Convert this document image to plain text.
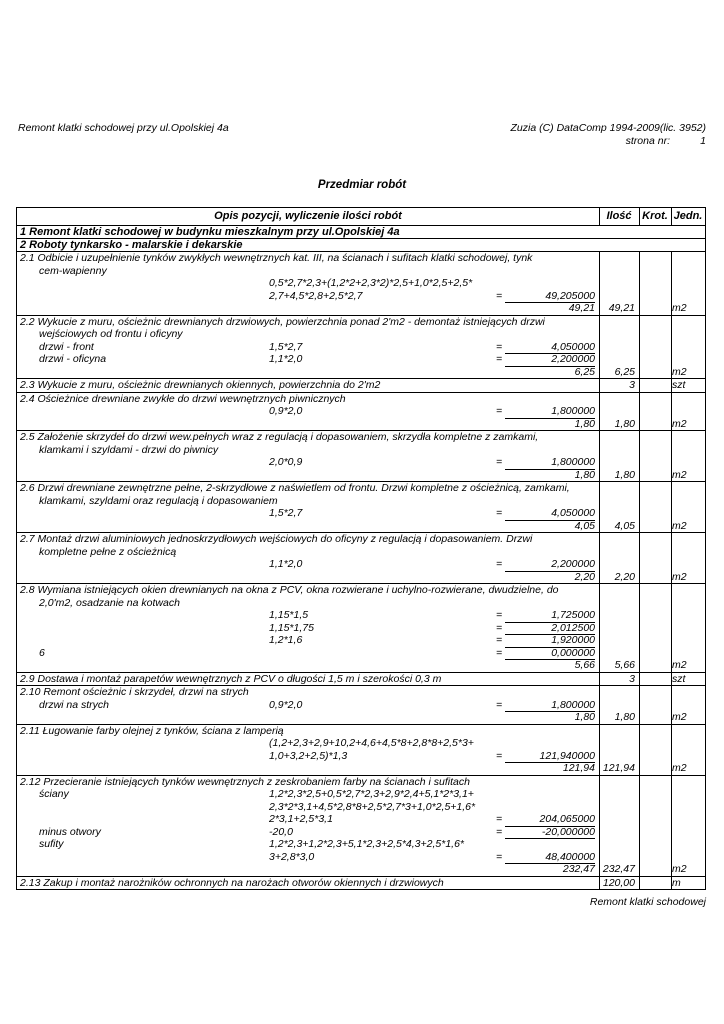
Remont klatki schodowej przy ul.Opolskiej 4a	Zuzia (C) DataComp 1994-2009(lic. 3952)
strona nr:	1
Przedmiar robót
Opis pozycji, wyliczenie ilości robót	Ilość Krot. Jedn.
1 Remont klatki schodowej w budynku mieszkalnym przy ul.Opolskiej 4a
2 Roboty tynkarsko - malarskie i dekarskie
2.1 Odbicie i uzupełnienie tynków zwykłych wewnętrznych kat. III, na ścianach i sufitach klatki schodowej, tynk
cem-wapienny
0,5*2,7*2,3+(1,2*2+2,3*2)*2,5+1,0*2,5+2,5*
2,7+4,5*2,8+2,5*2,7	=	49,205000
49,21	49,21	m2
2.2 Wykucie z muru, ościeżnic drewnianych drzwiowych, powierzchnia ponad 2'm2 - demontaż istniejących drzwi
wejściowych od frontu i oficyny
drzwi - front	1,5*2,7	=	4,050000
drzwi - oficyna	1,1*2,0	=	2,200000
6,25	6,25	m2
2.3 Wykucie z muru, ościeżnic drewnianych okiennych, powierzchnia do 2'm2	3	szt
2.4 Ościeżnice drewniane zwykłe do drzwi wewnętrznych piwnicznych
0,9*2,0	=	1,800000
1,80	1,80	m2
2.5 Założenie skrzydeł do drzwi wew.pełnych wraz z regulacją i dopasowaniem, skrzydła kompletne z zamkami,
klamkami i szyldami - drzwi do piwnicy
2,0*0,9	=	1,800000
1,80	1,80	m2
2.6 Drzwi drewniane zewnętrzne pełne, 2-skrzydłowe z naświetlem od frontu. Drzwi kompletne z ościeżnicą, zamkami,
klamkami, szyldami oraz regulacją i dopasowaniem
1,5*2,7	=	4,050000
4,05	4,05	m2
2.7 Montaż drzwi aluminiowych jednoskrzydłowych wejściowych do oficyny z regulacją i dopasowaniem. Drzwi
kompletne pełne z ościeżnicą
1,1*2,0	=	2,200000
2,20	2,20	m2
2.8 Wymiana istniejących okien drewnianych na okna z PCV, okna rozwierane i uchylno-rozwierane, dwudzielne, do
2,0'm2, osadzanie na kotwach
1,15*1,5	=	1,725000
1,15*1,75	=	2,012500
1,2*1,6	=	1,920000
6	=	0,000000
5,66	5,66	m2
2.9 Dostawa i montaż parapetów wewnętrznych z PCV o długości 1,5 m i szerokości 0,3 m	3	szt
2.10 Remont ościeżnic i skrzydeł, drzwi na strych
drzwi na strych	0,9*2,0	=	1,800000
1,80	1,80	m2
2.11 Ługowanie farby olejnej z tynków, ściana z lamperią
(1,2+2,3+2,9+10,2+4,6+4,5*8+2,8*8+2,5*3+
1,0+3,2+2,5)*1,3	=	121,940000
121,94 121,94	m2
2.12 Przecieranie istniejących tynków wewnętrznych z zeskrobaniem farby na ścianach i sufitach
ściany	1,2*2,3*2,5+0,5*2,7*2,3+2,9*2,4+5,1*2*3,1+
2,3*2*3,1+4,5*2,8*8+2,5*2,7*3+1,0*2,5+1,6*
2*3,1+2,5*3,1	=	204,065000
minus otwory	-20,0	=	-20,000000
sufity	1,2*2,3+1,2*2,3+5,1*2,3+2,5*4,3+2,5*1,6*
3+2,8*3,0	=	48,400000
232,47 232,47	m2
2.13 Zakup i montaż narożników ochronnych na narożach otworów okiennych i drzwiowych	120,00	m
Remont klatki schodowej
